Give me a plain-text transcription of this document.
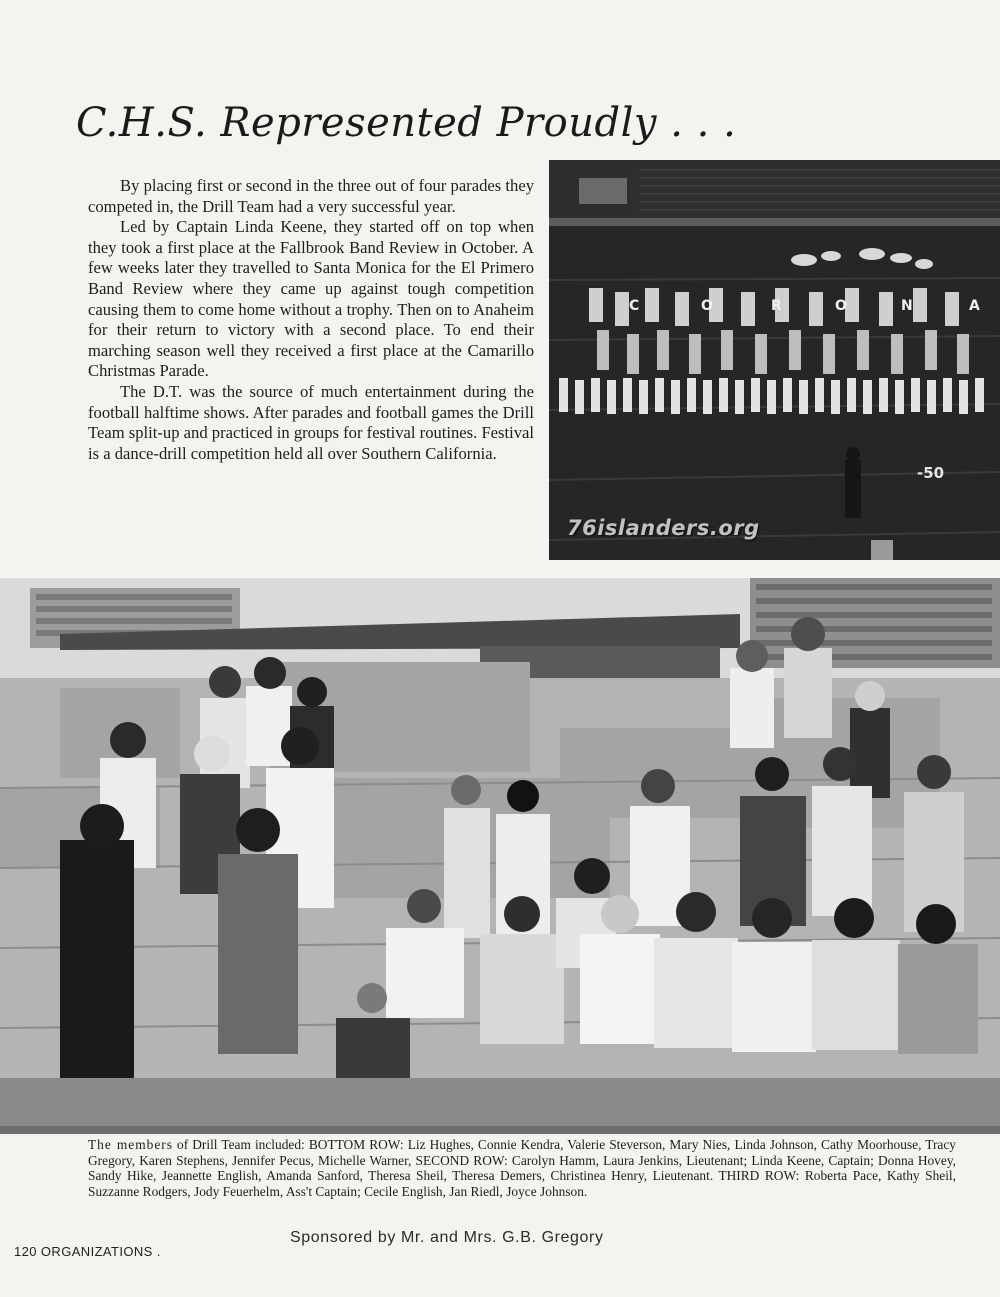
C.H.S. Represented Proudly . . .

By placing first or second in the three out of four parades they competed in, the Drill Team had a very successful year.

Led by Captain Linda Keene, they started off on top when they took a first place at the Fallbrook Band Review in October. A few weeks later they travelled to Santa Monica for the El Primero Band Review where they came up against tough competition causing them to come home without a trophy. Then on to Anaheim for their return to victory with a second place. To end their marching season well they received a first place at the Camarillo Christmas Parade.

The D.T. was the source of much entertainment during the football halftime shows. After parades and football games the Drill Team split-up and practiced in groups for festival routines. Festival is a dance-drill competition held all over Southern California.

-50
C	O	R	O	N	A
76islanders.org
The members of Drill Team included: BOTTOM ROW: Liz Hughes, Connie Kendra, Valerie Steverson, Mary Nies, Linda Johnson, Cathy Moorhouse, Tracy Gregory, Karen Stephens, Jennifer Pecus, Michelle Warner, SECOND ROW: Carolyn Hamm, Laura Jenkins, Lieutenant; Linda Keene, Captain; Donna Hovey, Sandy Hike, Jeannette English, Amanda Sanford, Theresa Sheil, Theresa Demers, Christinea Henry, Lieutenant. THIRD ROW: Roberta Pace, Kathy Sheil, Suzzanne Rodgers, Jody Feuerhelm, Ass't Captain; Cecile English, Jan Riedl, Joyce Johnson.
Sponsored by Mr. and Mrs. G.B. Gregory
120 ORGANIZATIONS .
